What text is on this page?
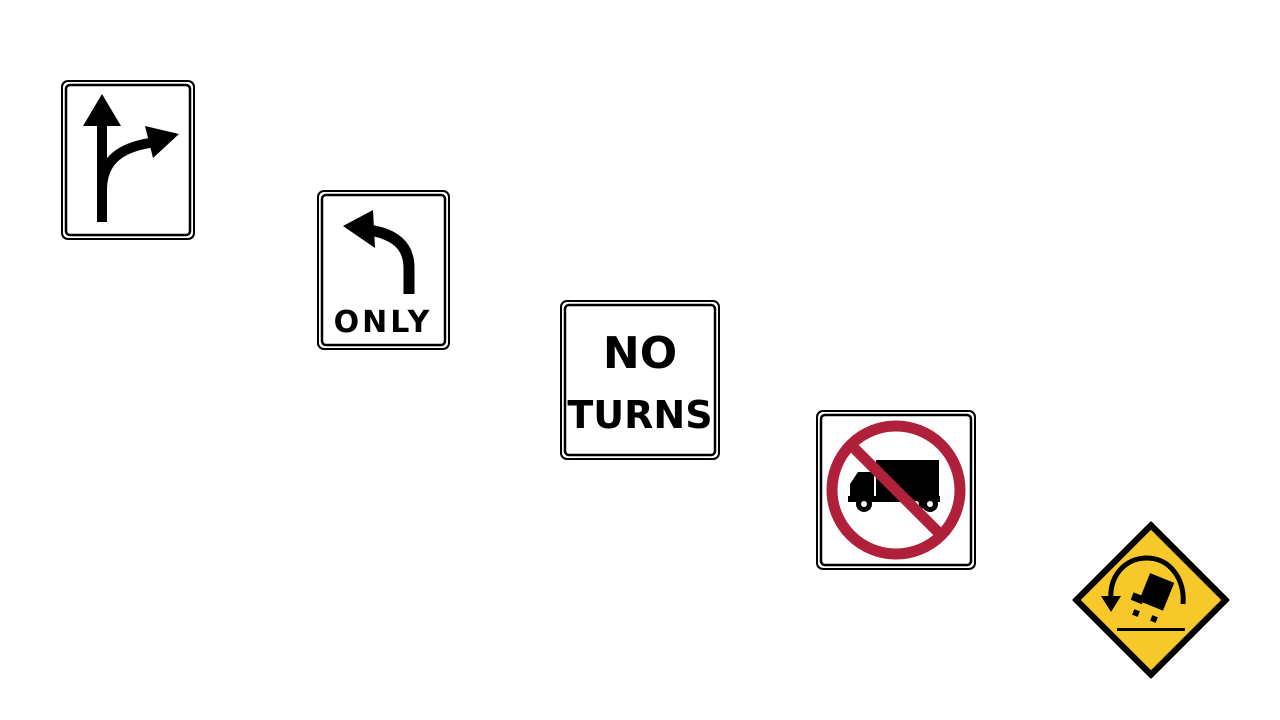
ONLY
NO
TURNS
